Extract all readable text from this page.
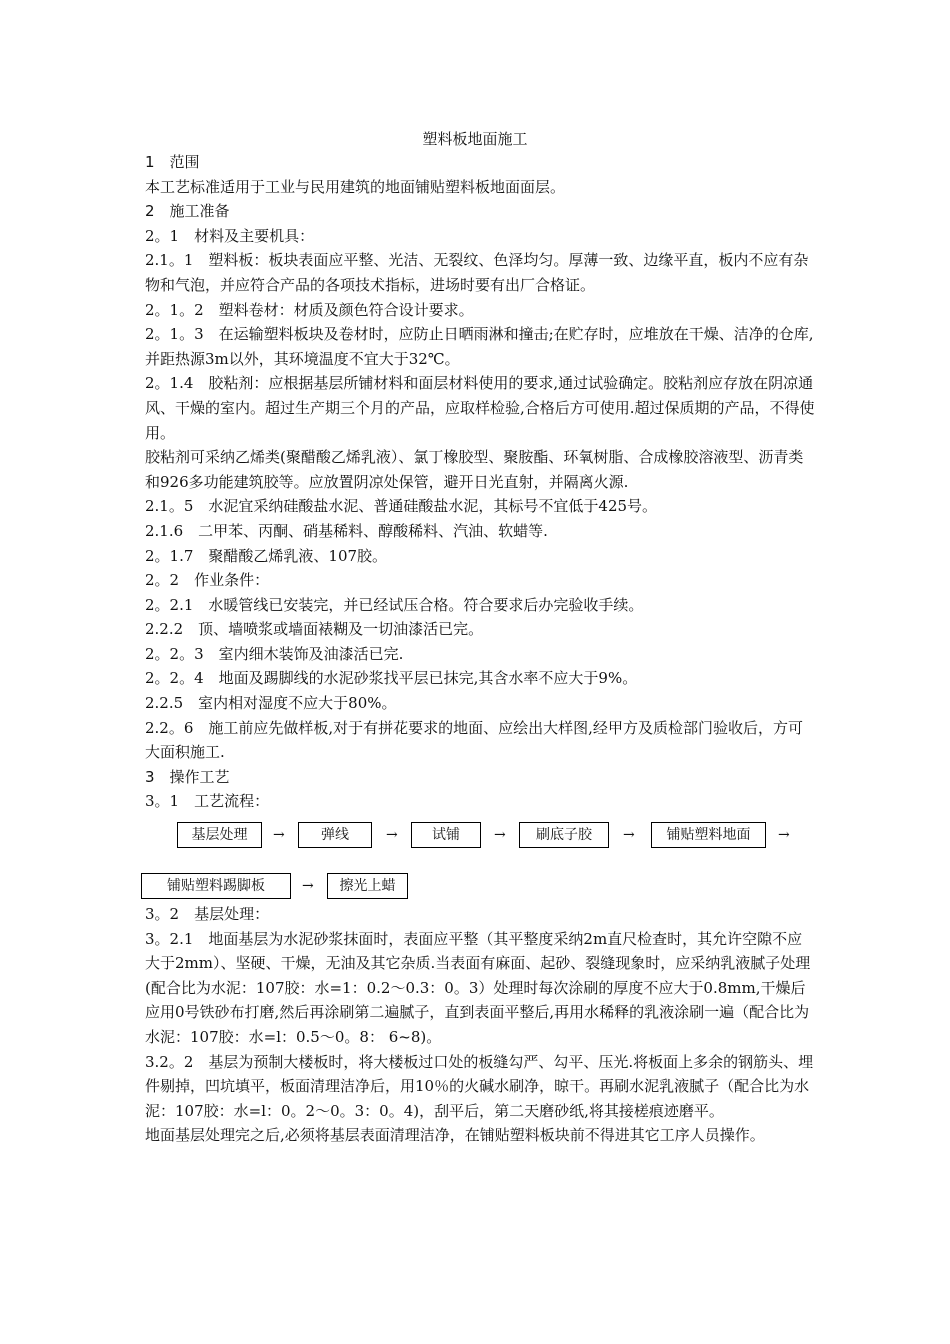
塑料板地面施工

1　范围

本工艺标准适用于工业与民用建筑的地面铺贴塑料板地面面层。

2　施工准备

2。1　材料及主要机具：

2.1。1　塑料板：板块表面应平整、光洁、无裂纹、色泽均匀。厚薄一致、边缘平直，板内不应有杂物和气泡，并应符合产品的各项技术指标，进场时要有出厂合格证。

2。1。2　塑料卷材：材质及颜色符合设计要求。

2。1。3　在运输塑料板块及卷材时，应防止日晒雨淋和撞击;在贮存时，应堆放在干燥、洁净的仓库,并距热源3m以外，其环境温度不宜大于32℃。

2。1.4　胶粘剂：应根据基层所铺材料和面层材料使用的要求,通过试验确定。胶粘剂应存放在阴凉通风、干燥的室内。超过生产期三个月的产品，应取样检验,合格后方可使用.超过保质期的产品，不得使用。

胶粘剂可采纳乙烯类(聚醋酸乙烯乳液）、氯丁橡胶型、聚胺酯、环氧树脂、合成橡胶溶液型、沥青类和926多功能建筑胶等。应放置阴凉处保管，避开日光直射，并隔离火源.

2.1。5　水泥宜采纳硅酸盐水泥、普通硅酸盐水泥，其标号不宜低于425号。

2.1.6　二甲苯、丙酮、硝基稀料、醇酸稀料、汽油、软蜡等.

2。1.7　聚醋酸乙烯乳液、107胶。

2。2　作业条件：

2。2.1　水暖管线已安装完，并已经试压合格。符合要求后办完验收手续。

2.2.2　顶、墙喷浆或墙面裱糊及一切油漆活已完。

2。2。3　室内细木装饰及油漆活已完.

2。2。4　地面及踢脚线的水泥砂浆找平层已抹完,其含水率不应大于9%。

2.2.5　室内相对湿度不应大于80%。

2.2。6　施工前应先做样板,对于有拼花要求的地面、应绘出大样图,经甲方及质检部门验收后，方可大面积施工.

3　操作工艺

3。1　工艺流程：

基层处理	→	弹线	→	试铺	→	刷底子胶	→	铺贴塑料地面	→
铺贴塑料踢脚板	→	擦光上蜡

3。2　基层处理：

3。2.1　地面基层为水泥砂浆抹面时，表面应平整（其平整度采纳2m直尺检查时，其允许空隙不应大于2mm）、坚硬、干燥，无油及其它杂质.当表面有麻面、起砂、裂缝现象时，应采纳乳液腻子处理(配合比为水泥：107胶：水=1：0.2～0.3：0。3）处理时每次涂刷的厚度不应大于0.8mm,干燥后应用0号铁砂布打磨,然后再涂刷第二遍腻子，直到表面平整后,再用水稀释的乳液涂刷一遍（配合比为水泥：107胶：水=l：0.5～0。8： 6~8)。

3.2。2　基层为预制大楼板时，将大楼板过口处的板缝勾严、勾平、压光.将板面上多余的钢筋头、埋件剔掉，凹坑填平，板面清理洁净后，用10％的火碱水刷净，晾干。再刷水泥乳液腻子（配合比为水泥：107胶：水=l：0。2～0。3：0。4)，刮平后，第二天磨砂纸,将其接槎痕迹磨平。

地面基层处理完之后,必须将基层表面清理洁净，在铺贴塑料板块前不得进其它工序人员操作。
